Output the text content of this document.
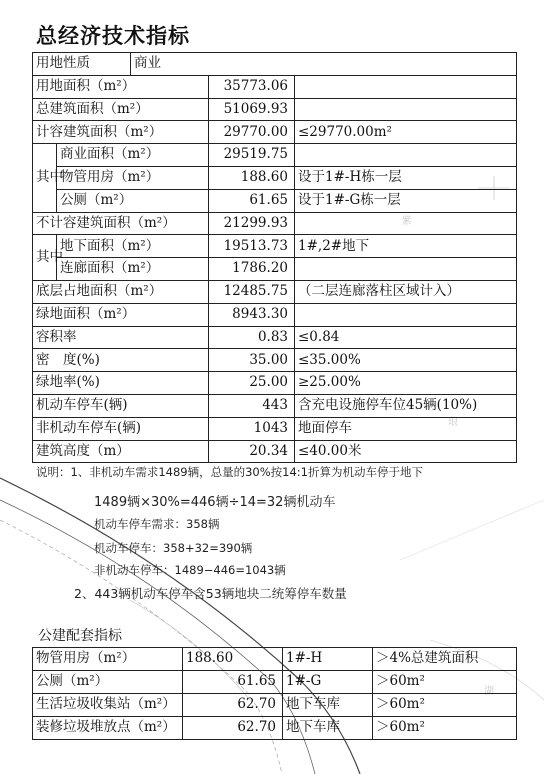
紫
琅
湖
总经济技术指标
用地性质		商业		
用地面积（m²）			35773.06	
总建筑面积（m²）			51069.93	
计容建筑面积（m²）			29770.00	≤29770.00m²
其中	商业面积（m²）		29519.75	
	物管用房（m²）		188.60	设于1#-H栋一层
	公厕（m²）		61.65	设于1#-G栋一层
不计容建筑面积（m²）			21299.93	
其中	地下面积（m²）		19513.73	1#,2#地下
	连廊面积（m²）		1786.20	
底层占地面积（m²）			12485.75	（二层连廊落柱区域计入）
绿地面积（m²）			8943.30	
容积率			0.83	≤0.84
密　度(%)			35.00	≤35.00%
绿地率(%)			25.00	≥25.00%
机动车停车(辆)			443	含充电设施停车位45辆(10%)
非机动车停车(辆)			1043	地面停车
建筑高度（m）			20.34	≤40.00米
说明：1、非机动车需求1489辆，总量的30%按14:1折算为机动车停于地下
1489辆×30%=446辆÷14=32辆机动车
机动车停车需求：358辆
机动车停车：358+32=390辆
非机动车停车：1489−446=1043辆
2、443辆机动车停车含53辆地块二统筹停车数量
公建配套指标
物管用房（m²）	188.60	1#-H	＞4%总建筑面积
公厕（m²）	61.65	1#-G	＞60m²
生活垃圾收集站（m²）	62.70	地下车库	＞60m²
装修垃圾堆放点（m²）	62.70	地下车库	＞60m²
